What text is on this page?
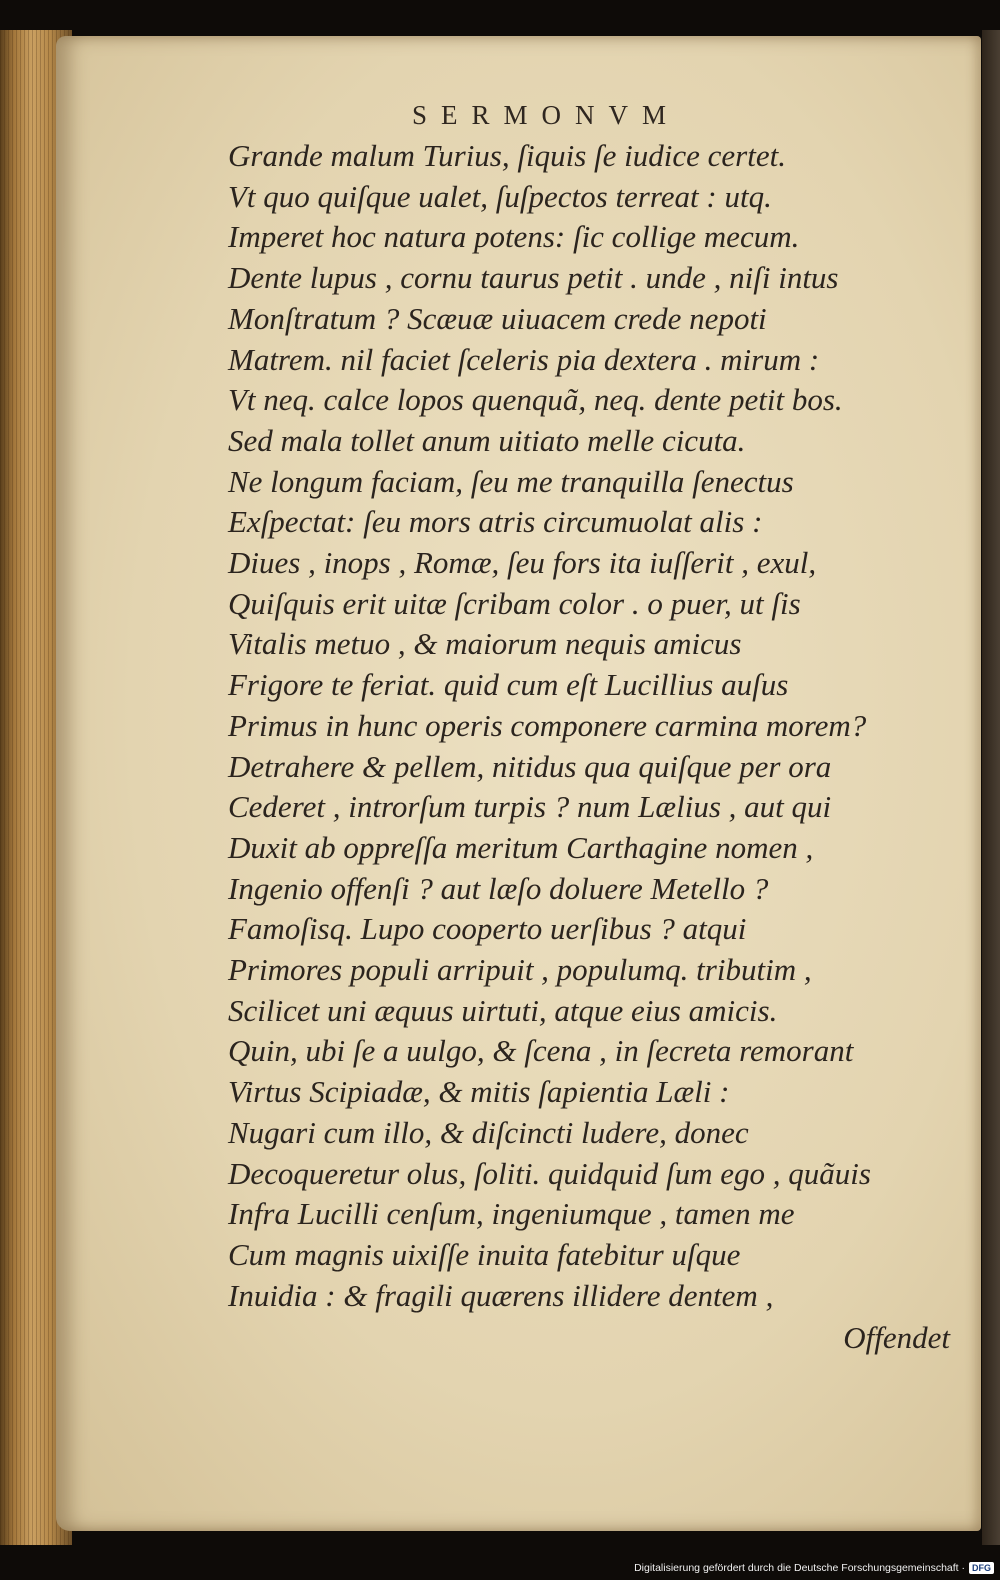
SERMONVM
Grande malum Turius, ſiquis ſe iudice certet.
Vt quo quiſque ualet, ſuſpectos terreat : utq.
Imperet hoc natura potens: ſic collige mecum.
Dente lupus , cornu taurus petit . unde , niſi intus
Monſtratum ? Scæuæ uiuacem crede nepoti
Matrem. nil faciet ſceleris pia dextera . mirum :
Vt neq. calce lopos quenquã, neq. dente petit bos.
Sed mala tollet anum uitiato melle cicuta.
Ne longum faciam, ſeu me tranquilla ſenectus
Exſpectat: ſeu mors atris circumuolat alis :
Diues , inops , Romæ, ſeu fors ita iuſſerit , exul,
Quiſquis erit uitæ ſcribam color . o puer, ut ſis
Vitalis metuo , & maiorum nequis amicus
Frigore te feriat. quid cum eſt Lucillius auſus
Primus in hunc operis componere carmina morem?
Detrahere & pellem, nitidus qua quiſque per ora
Cederet , introrſum turpis ? num Lælius , aut qui
Duxit ab oppreſſa meritum Carthagine nomen ,
Ingenio offenſi ? aut læſo doluere Metello ?
Famoſisq. Lupo cooperto uerſibus ? atqui
Primores populi arripuit , populumq. tributim ,
Scilicet uni æquus uirtuti, atque eius amicis.
Quin, ubi ſe a uulgo, & ſcena , in ſecreta remorant
Virtus Scipiadæ, & mitis ſapientia Læli :
Nugari cum illo, & diſcincti ludere, donec
Decoqueretur olus, ſoliti. quidquid ſum ego , quãuis
Infra Lucilli cenſum, ingeniumque , tamen me
Cum magnis uixiſſe inuita fatebitur uſque
Inuidia : & fragili quærens illidere dentem ,
Offendet
Digitalisierung gefördert durch die Deutsche Forschungsgemeinschaft · DFG
